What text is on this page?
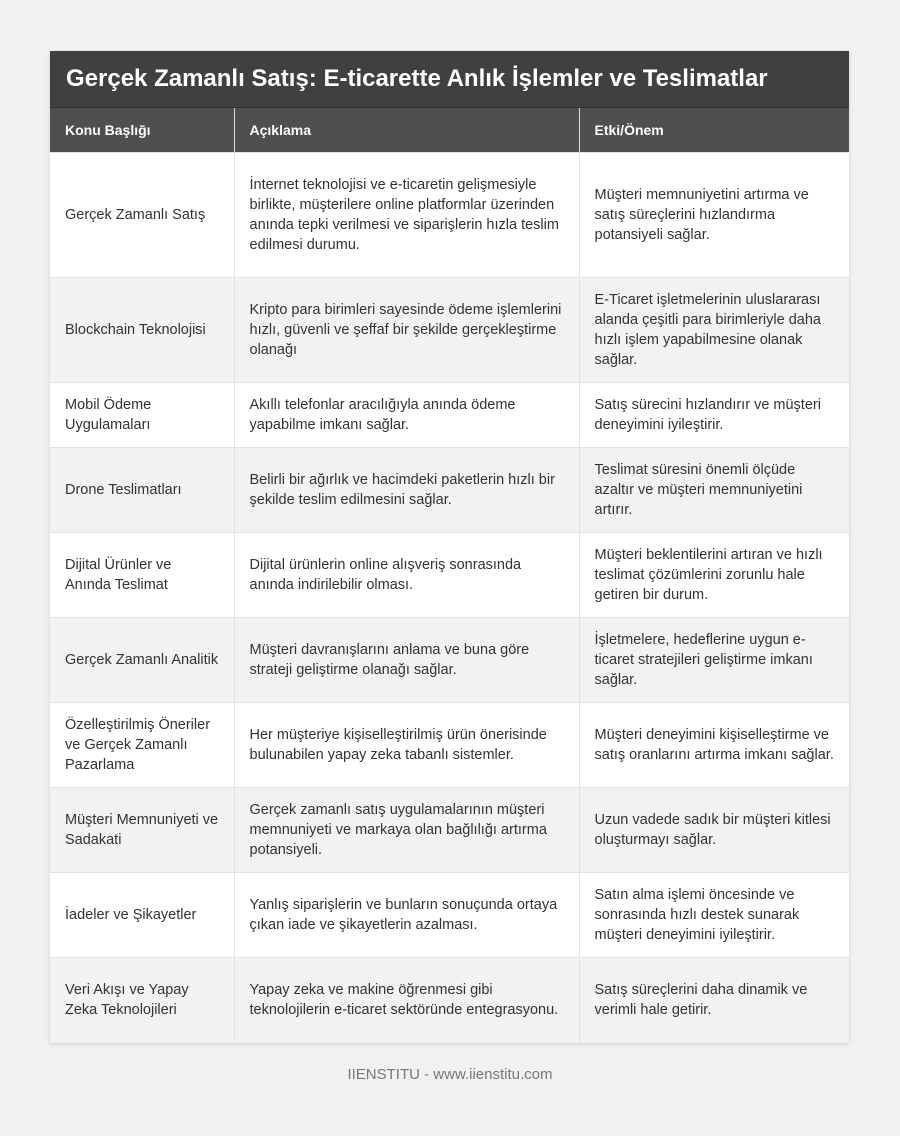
Gerçek Zamanlı Satış: E-ticarette Anlık İşlemler ve Teslimatlar
Konu Başlığı	Açıklama	Etki/Önem
Gerçek Zamanlı Satış	İnternet teknolojisi ve e-ticaretin gelişmesiyle birlikte, müşterilere online platformlar üzerinden anında tepki verilmesi ve siparişlerin hızla teslim edilmesi durumu.	Müşteri memnuniyetini artırma ve satış süreçlerini hızlandırma potansiyeli sağlar.
Blockchain Teknolojisi	Kripto para birimleri sayesinde ödeme işlemlerini hızlı, güvenli ve şeffaf bir şekilde gerçekleştirme olanağı	E-Ticaret işletmelerinin uluslararası alanda çeşitli para birimleriyle daha hızlı işlem yapabilmesine olanak sağlar.
Mobil Ödeme Uygulamaları	Akıllı telefonlar aracılığıyla anında ödeme yapabilme imkanı sağlar.	Satış sürecini hızlandırır ve müşteri deneyimini iyileştirir.
Drone Teslimatları	Belirli bir ağırlık ve hacimdeki paketlerin hızlı bir şekilde teslim edilmesini sağlar.	Teslimat süresini önemli ölçüde azaltır ve müşteri memnuniyetini artırır.
Dijital Ürünler ve Anında Teslimat	Dijital ürünlerin online alışveriş sonrasında anında indirilebilir olması.	Müşteri beklentilerini artıran ve hızlı teslimat çözümlerini zorunlu hale getiren bir durum.
Gerçek Zamanlı Analitik	Müşteri davranışlarını anlama ve buna göre strateji geliştirme olanağı sağlar.	İşletmelere, hedeflerine uygun e-ticaret stratejileri geliştirme imkanı sağlar.
Özelleştirilmiş Öneriler ve Gerçek Zamanlı Pazarlama	Her müşteriye kişiselleştirilmiş ürün önerisinde bulunabilen yapay zeka tabanlı sistemler.	Müşteri deneyimini kişiselleştirme ve satış oranlarını artırma imkanı sağlar.
Müşteri Memnuniyeti ve Sadakati	Gerçek zamanlı satış uygulamalarının müşteri memnuniyeti ve markaya olan bağlılığı artırma potansiyeli.	Uzun vadede sadık bir müşteri kitlesi oluşturmayı sağlar.
İadeler ve Şikayetler	Yanlış siparişlerin ve bunların sonuçunda ortaya çıkan iade ve şikayetlerin azalması.	Satın alma işlemi öncesinde ve sonrasında hızlı destek sunarak müşteri deneyimini iyileştirir.
Veri Akışı ve Yapay Zeka Teknolojileri	Yapay zeka ve makine öğrenmesi gibi teknolojilerin e-ticaret sektöründe entegrasyonu.	Satış süreçlerini daha dinamik ve verimli hale getirir.
IIENSTITU - www.iienstitu.com
